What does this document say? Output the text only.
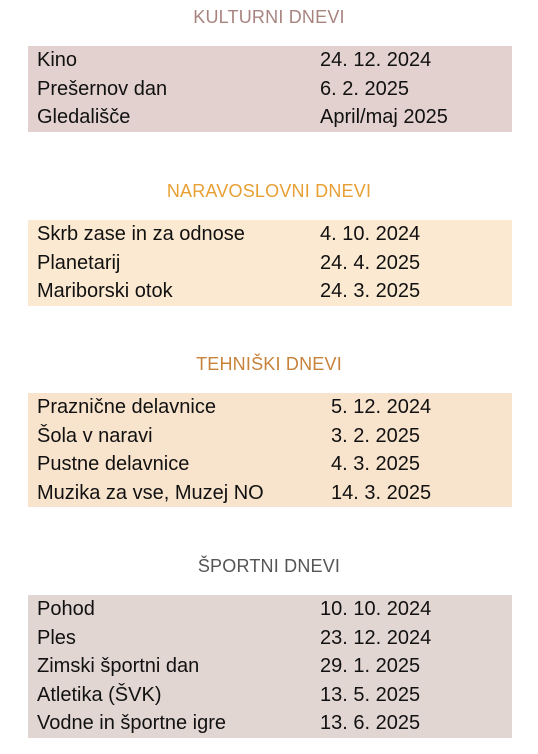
KULTURNI DNEVI
Kino	24. 12. 2024
Prešernov dan	6. 2. 2025
Gledališče	April/maj 2025
NARAVOSLOVNI DNEVI
Skrb zase in za odnose	4. 10. 2024
Planetarij	24. 4. 2025
Mariborski otok	24. 3. 2025
TEHNIŠKI DNEVI
Praznične delavnice	5. 12. 2024
Šola v naravi	3. 2. 2025
Pustne delavnice	4. 3. 2025
Muzika za vse, Muzej NO	14. 3. 2025
ŠPORTNI DNEVI
Pohod	10. 10. 2024
Ples	23. 12. 2024
Zimski športni dan	29. 1. 2025
Atletika (ŠVK)	13. 5. 2025
Vodne in športne igre	13. 6. 2025
